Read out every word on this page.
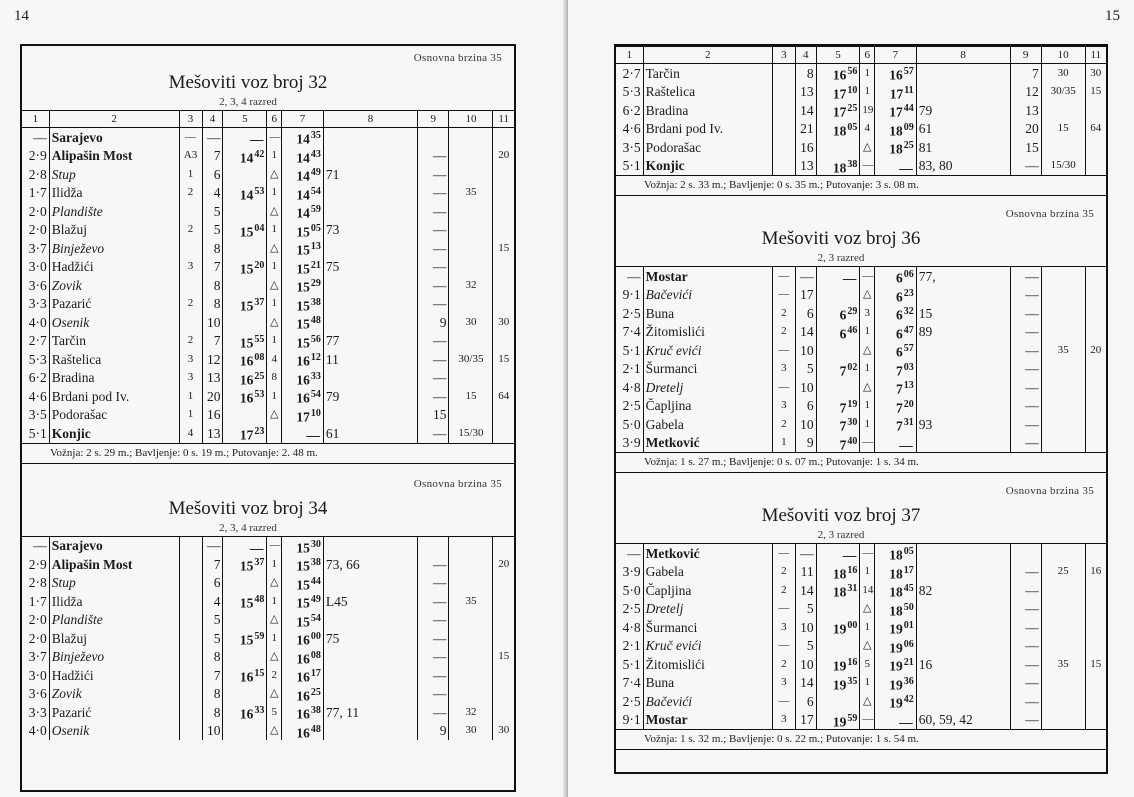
14
Osnovna brzina 35
Mešoviti voz broj 32
2, 3, 4 razred
1	2	3	4	5	6	7	8	9	10	11
—	Sarajevo	—	—	—	—	$14^{35}$				
2·9	Alipašin Most	A3	7	$14^{42}$	1	$14^{43}$		—		20
2·8	Stup	1	6		△	$14^{49}$	71	—		
1·7	Ilidža	2	4	$14^{53}$	1	$14^{54}$		—	35	
2·0	Plandište		5		△	$14^{59}$		—		
2·0	Blažuj	2	5	$15^{04}$	1	$15^{05}$	73	—		
3·7	Binježevo		8		△	$15^{13}$		—		15
3·0	Hadžići	3	7	$15^{20}$	1	$15^{21}$	75	—		
3·6	Zovik		8		△	$15^{29}$		—	32	
3·3	Pazarić	2	8	$15^{37}$	1	$15^{38}$		—		
4·0	Osenik		10		△	$15^{48}$		9	30	30
2·7	Tarčin	2	7	$15^{55}$	1	$15^{56}$	77	—		
5·3	Raštelica	3	12	$16^{08}$	4	$16^{12}$	11	—	30/35	15
6·2	Bradina	3	13	$16^{25}$	8	$16^{33}$		—		
4·6	Brdani pod Iv.	1	20	$16^{53}$	1	$16^{54}$	79	—	15	64
3·5	Podorašac	1	16		△	$17^{10}$		15		
5·1	Konjic	4	13	$17^{23}$		—	61	—	15/30	
Vožnja: 2 s. 29 m.; Bavljenje: 0 s. 19 m.; Putovanje: 2. 48 m.
Osnovna brzina 35
Mešoviti voz broj 34
2, 3, 4 razred
—	Sarajevo		—	—	—	$15^{30}$				
2·9	Alipašin Most		7	$15^{37}$	1	$15^{38}$	73, 66	—		20
2·8	Stup		6		△	$15^{44}$		—		
1·7	Ilidža		4	$15^{48}$	1	$15^{49}$	L45	—	35	
2·0	Plandište		5		△	$15^{54}$		—		
2·0	Blažuj		5	$15^{59}$	1	$16^{00}$	75	—		
3·7	Binježevo		8		△	$16^{08}$		—		15
3·0	Hadžići		7	$16^{15}$	2	$16^{17}$		—		
3·6	Zovik		8		△	$16^{25}$		—		
3·3	Pazarić		8	$16^{33}$	5	$16^{38}$	77, 11	—	32	
4·0	Osenik		10		△	$16^{48}$		9	30	30
15
1	2	3	4	5	6	7	8	9	10	11
2·7	Tarčin		8	$16^{56}$	1	$16^{57}$		7	30	30
5·3	Raštelica		13	$17^{10}$	1	$17^{11}$		12	30/35	15
6·2	Bradina		14	$17^{25}$	19	$17^{44}$	79	13		
4·6	Brdani pod Iv.		21	$18^{05}$	4	$18^{09}$	61	20	15	64
3·5	Podorašac		16		△	$18^{25}$	81	15		
5·1	Konjic		13	$18^{38}$	—	—	83, 80	—	15/30	
Vožnja: 2 s. 33 m.; Bavljenje: 0 s. 35 m.; Putovanje: 3 s. 08 m.
Osnovna brzina 35
Mešoviti voz broj 36
2, 3 razred
—	Mostar	—	—	—	—	$6^{06}$	77,	—		
9·1	Bačevići	—	17		△	$6^{23}$		—		
2·5	Buna	2	6	$6^{29}$	3	$6^{32}$	15	—		
7·4	Žitomislići	2	14	$6^{46}$	1	$6^{47}$	89	—		
5·1	Kruč evići	—	10		△	$6^{57}$		—	35	20
2·1	Šurmanci	3	5	$7^{02}$	1	$7^{03}$		—		
4·8	Dretelj	—	10		△	$7^{13}$		—		
2·5	Čapljina	3	6	$7^{19}$	1	$7^{20}$		—		
5·0	Gabela	2	10	$7^{30}$	1	$7^{31}$	93	—		
3·9	Metković	1	9	$7^{40}$	—	—		—		
Vožnja: 1 s. 27 m.; Bavljenje: 0 s. 07 m.; Putovanje: 1 s. 34 m.
Osnovna brzina 35
Mešoviti voz broj 37
2, 3 razred
—	Metković	—	—	—	—	$18^{05}$				
3·9	Gabela	2	11	$18^{16}$	1	$18^{17}$		—	25	16
5·0	Čapljina	2	14	$18^{31}$	14	$18^{45}$	82	—		
2·5	Dretelj	—	5		△	$18^{50}$		—		
4·8	Šurmanci	3	10	$19^{00}$	1	$19^{01}$		—		
2·1	Kruč evići	—	5		△	$19^{06}$		—		
5·1	Žitomislići	2	10	$19^{16}$	5	$19^{21}$	16	—	35	15
7·4	Buna	3	14	$19^{35}$	1	$19^{36}$		—		
2·5	Bačevići	—	6		△	$19^{42}$		—		
9·1	Mostar	3	17	$19^{59}$	—	—	60, 59, 42	—		
Vožnja: 1 s. 32 m.; Bavljenje: 0 s. 22 m.; Putovanje: 1 s. 54 m.
